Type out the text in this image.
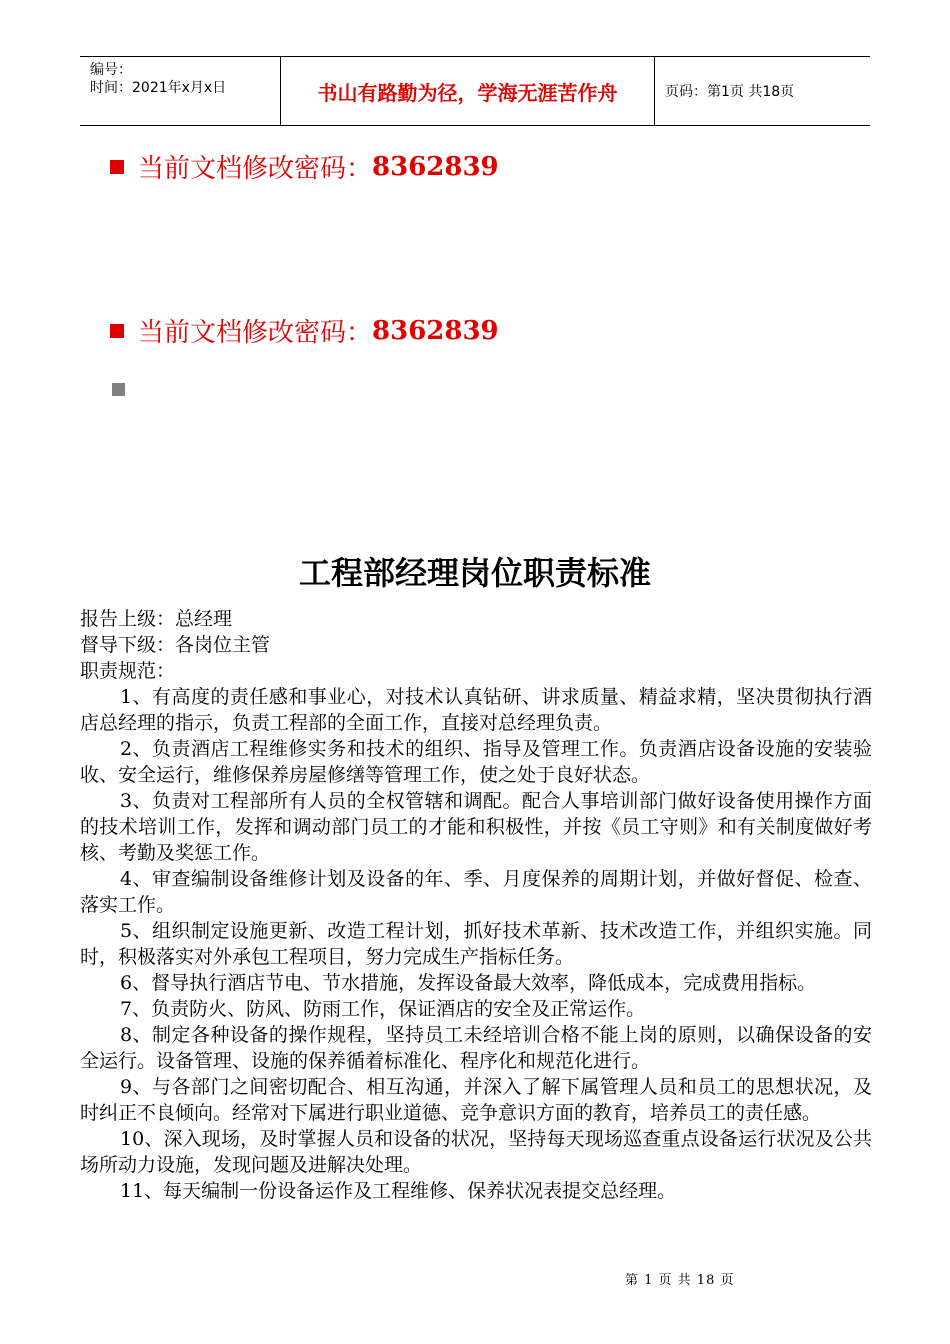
编号：
时间：2021年x月x日	书山有路勤为径，学海无涯苦作舟	页码：第1页 共18页
当前文档修改密码： 8362839
当前文档修改密码： 8362839
工程部经理岗位职责标准
报告上级：总经理
督导下级：各岗位主管
职责规范：

1、有高度的责任感和事业心，对技术认真钻研、讲求质量、精益求精，坚决贯彻执行酒店总经理的指示，负责工程部的全面工作，直接对总经理负责。

2、负责酒店工程维修实务和技术的组织、指导及管理工作。负责酒店设备设施的安装验收、安全运行，维修保养房屋修缮等管理工作，使之处于良好状态。

3、负责对工程部所有人员的全权管辖和调配。配合人事培训部门做好设备使用操作方面的技术培训工作，发挥和调动部门员工的才能和积极性，并按《员工守则》和有关制度做好考核、考勤及奖惩工作。

4、审查编制设备维修计划及设备的年、季、月度保养的周期计划，并做好督促、检查、落实工作。

5、组织制定设施更新、改造工程计划，抓好技术革新、技术改造工作，并组织实施。同时，积极落实对外承包工程项目，努力完成生产指标任务。

6、督导执行酒店节电、节水措施，发挥设备最大效率，降低成本，完成费用指标。

7、负责防火、防风、防雨工作，保证酒店的安全及正常运作。

8、制定各种设备的操作规程，坚持员工未经培训合格不能上岗的原则，以确保设备的安全运行。设备管理、设施的保养循着标准化、程序化和规范化进行。

9、与各部门之间密切配合、相互沟通，并深入了解下属管理人员和员工的思想状况，及时纠正不良倾向。经常对下属进行职业道德、竞争意识方面的教育，培养员工的责任感。

10、深入现场，及时掌握人员和设备的状况，坚持每天现场巡查重点设备运行状况及公共场所动力设施，发现问题及进解决处理。

11、每天编制一份设备运作及工程维修、保养状况表提交总经理。

第 1 页 共 18 页
